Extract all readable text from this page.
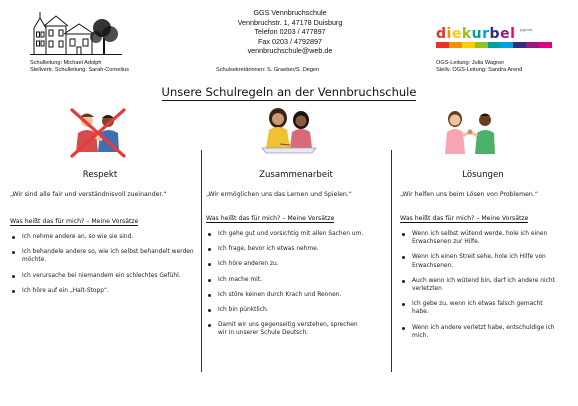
GGS Vennbruchschule
Vennbruchstr. 1, 47178 Duisburg
Telefon 0203 / 477897
Fax 0203 / 4792897
vennbruchschule@web.de
diekurbel jugend
Schulleitung: Michael Adolph
Stellvertr. Schulleitung: Sarah-Cornelius	Schulsekretärinnen: S. Graeber/S. Degen
OGS-Leitung: Julia Wagner
Stellv. OGS-Leitung: Sandra Arend
Unsere Schulregeln an der Vennbruchschule
Respekt
„Wir sind alle fair und verständnisvoll zueinander.“
Was heißt das für mich? – Meine Vorsätze
Ich nehme andere an, so wie sie sind.
Ich behandele andere so, wie ich selbst behandelt werden möchte.
Ich verursache bei niemandem ein schlechtes Gefühl.
Ich höre auf ein „Halt-Stopp“.
Zusammenarbeit
„Wir ermöglichen uns das Lernen und Spielen.“
Was heißt das für mich? – Meine Vorsätze
Ich gehe gut und vorsichtig mit allen Sachen um.
Ich frage, bevor ich etwas nehme.
Ich höre anderen zu.
Ich mache mit.
Ich störe keinen durch Krach und Rennen.
Ich bin pünktlich.
Damit wir uns gegenseitig verstehen, sprechen wir in unserer Schule Deutsch.
Lösungen
„Wir helfen uns beim Lösen von Problemen.“
Was heißt das für mich? – Meine Vorsätze
Wenn ich selbst wütend werde, hole ich einen Erwachsenen zur Hilfe.
Wenn ich einen Streit sehe, hole ich Hilfe von Erwachsenen.
Auch wenn ich wütend bin, darf ich andere nicht verletzten
Ich gebe zu, wenn ich etwas falsch gemacht habe.
Wenn ich andere verletzt habe, entschuldige ich mich.
